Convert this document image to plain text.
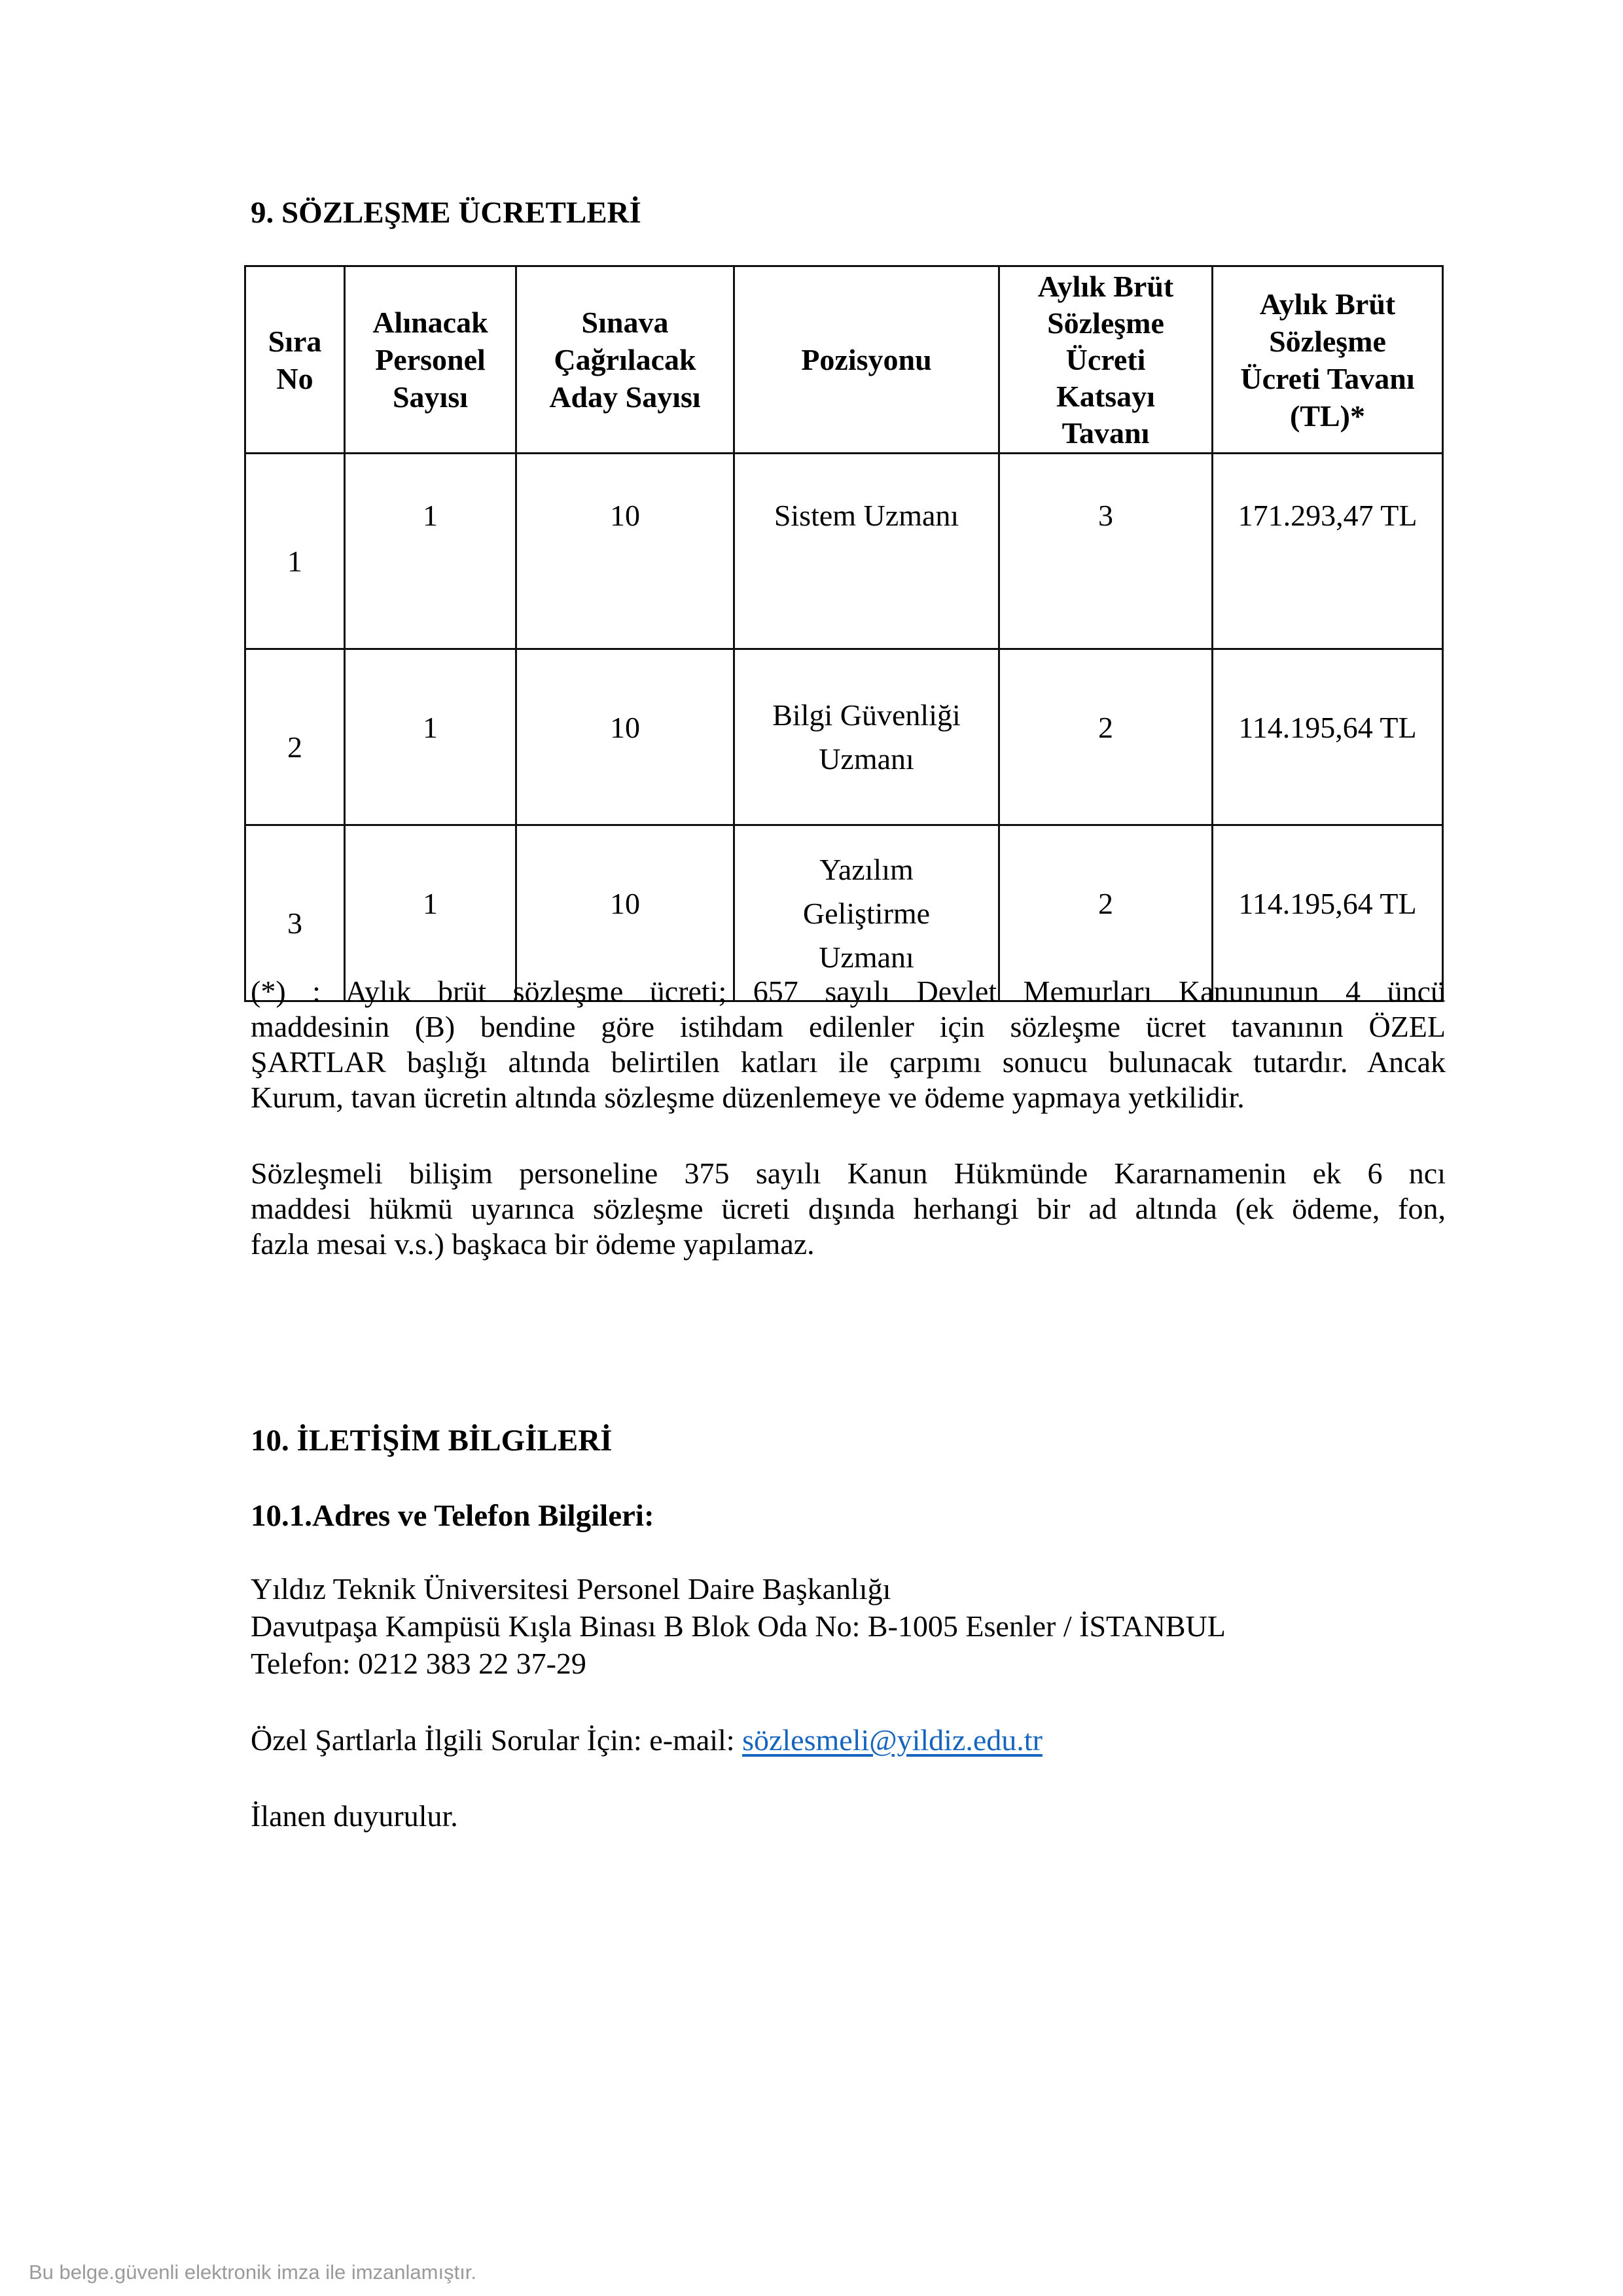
9. SÖZLEŞME ÜCRETLERİ
Sıra
No	Alınacak
Personel
Sayısı	Sınava
Çağrılacak
Aday Sayısı	Pozisyonu	Aylık Brüt
Sözleşme
Ücreti
Katsayı
Tavanı	Aylık Brüt
Sözleşme
Ücreti Tavanı
(TL)*
1	1	10	Sistem Uzmanı	3	171.293,47 TL
2	1	10	Bilgi Güvenliği
Uzmanı	2	114.195,64 TL
3	1	10	Yazılım
Geliştirme
Uzmanı	2	114.195,64 TL
(*) : Aylık brüt sözleşme ücreti; 657 sayılı Devlet Memurları Kanununun 4 üncü
maddesinin (B) bendine göre istihdam edilenler için sözleşme ücret tavanının ÖZEL
ŞARTLAR başlığı altında belirtilen katları ile çarpımı sonucu bulunacak tutardır. Ancak
Kurum, tavan ücretin altında sözleşme düzenlemeye ve ödeme yapmaya yetkilidir.
Sözleşmeli bilişim personeline 375 sayılı Kanun Hükmünde Kararnamenin ek 6 ncı
maddesi hükmü uyarınca sözleşme ücreti dışında herhangi bir ad altında (ek ödeme, fon,
fazla mesai v.s.) başkaca bir ödeme yapılamaz.
10. İLETİŞİM BİLGİLERİ
10.1.Adres ve Telefon Bilgileri:
Yıldız Teknik Üniversitesi Personel Daire Başkanlığı
Davutpaşa Kampüsü Kışla Binası B Blok Oda No: B-1005 Esenler / İSTANBUL
Telefon: 0212 383 22 37-29
Özel Şartlarla İlgili Sorular İçin: e-mail: sözlesmeli@yildiz.edu.tr
İlanen duyurulur.
Bu belge.güvenli elektronik imza ile imzanlamıştır.
